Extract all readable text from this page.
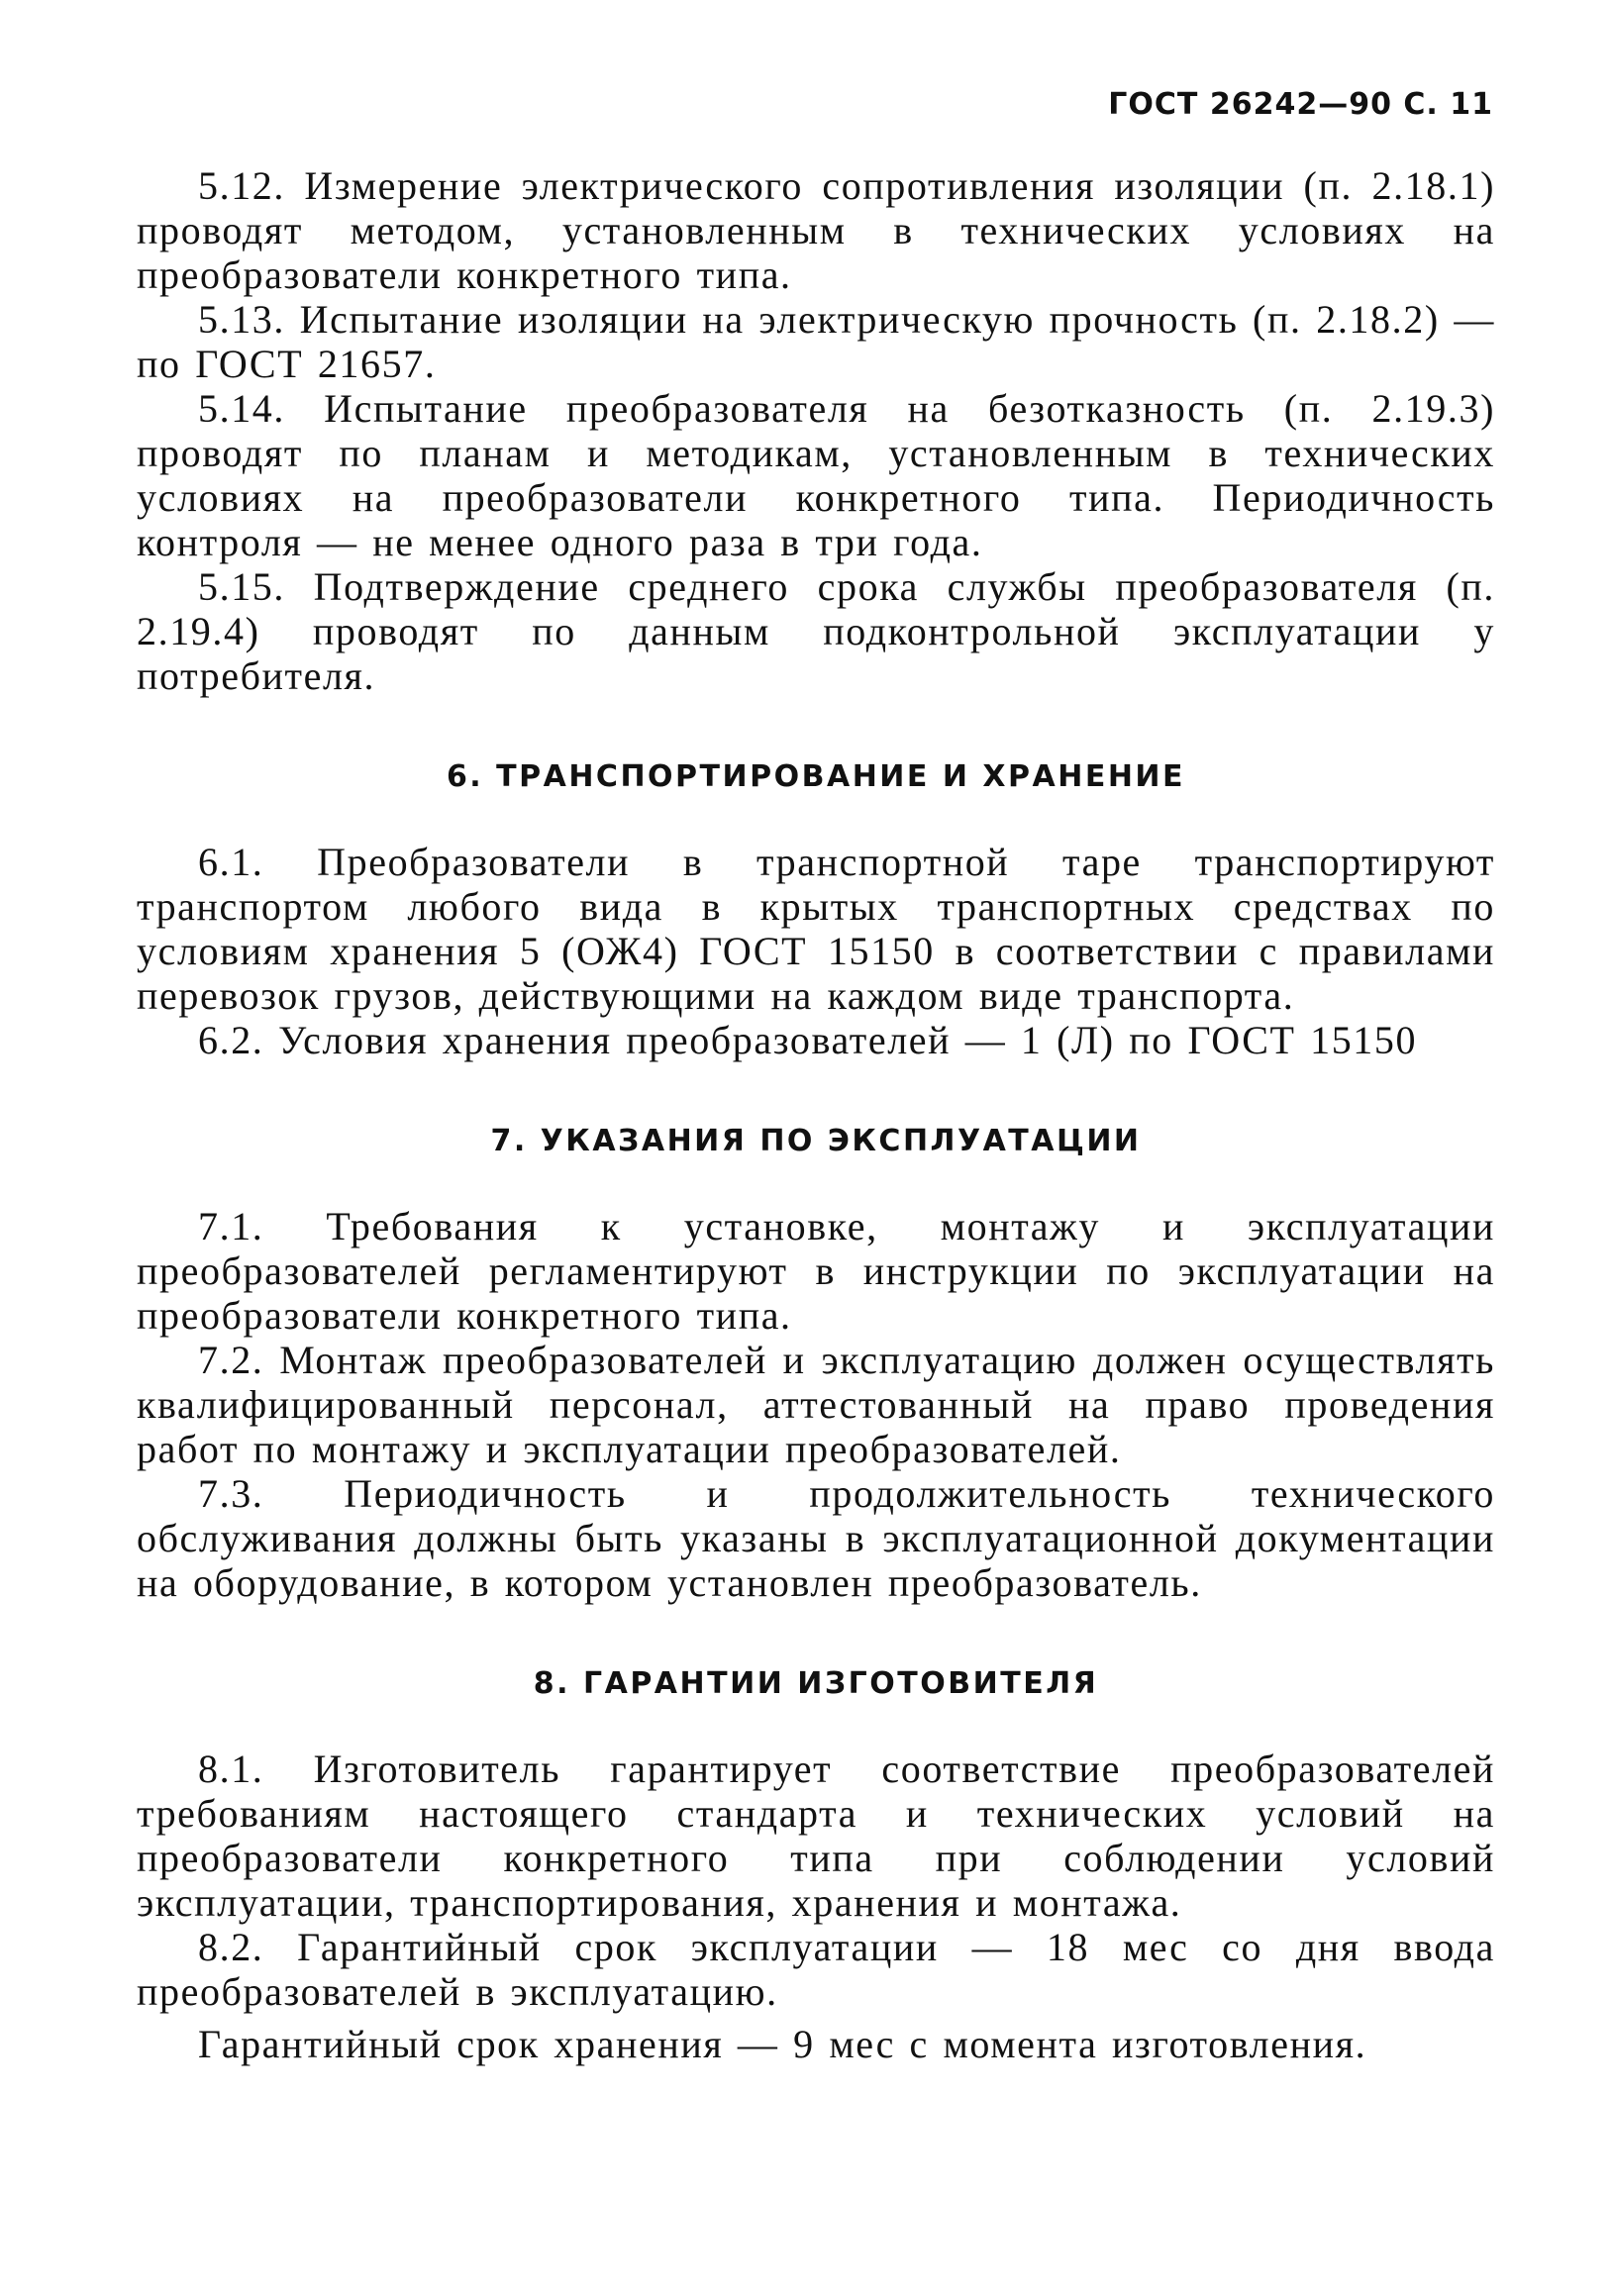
ГОСТ 26242—90 С. 11

5.12. Измерение электрического сопротивления изоляции (п. 2.18.1) проводят методом, установленным в технических условиях на преобразователи конкретного типа.

5.13. Испытание изоляции на электрическую прочность (п. 2.18.2) — по ГОСТ 21657.

5.14. Испытание преобразователя на безотказность (п. 2.19.3) проводят по планам и методикам, установленным в технических условиях на преобразователи конкретного типа. Периодичность контроля — не менее одного раза в три года.

5.15. Подтверждение среднего срока службы преобразователя (п. 2.19.4) проводят по данным подконтрольной эксплуатации у потребителя.

6. ТРАНСПОРТИРОВАНИЕ И ХРАНЕНИЕ

6.1. Преобразователи в транспортной таре транспортируют транспортом любого вида в крытых транспортных средствах по условиям хранения 5 (ОЖ4) ГОСТ 15150 в соответствии с правилами перевозок грузов, действующими на каждом виде транспорта.

6.2. Условия хранения преобразователей — 1 (Л) по ГОСТ 15150

7. УКАЗАНИЯ ПО ЭКСПЛУАТАЦИИ

7.1. Требования к установке, монтажу и эксплуатации преобразователей регламентируют в инструкции по эксплуатации на преобразователи конкретного типа.

7.2. Монтаж преобразователей и эксплуатацию должен осуществлять квалифицированный персонал, аттестованный на право проведения работ по монтажу и эксплуатации преобразователей.

7.3. Периодичность и продолжительность технического обслуживания должны быть указаны в эксплуатационной документации на оборудование, в котором установлен преобразователь.

8. ГАРАНТИИ ИЗГОТОВИТЕЛЯ

8.1. Изготовитель гарантирует соответствие преобразователей требованиям настоящего стандарта и технических условий на преобразователи конкретного типа при соблюдении условий эксплуатации, транспортирования, хранения и монтажа.

8.2. Гарантийный срок эксплуатации — 18 мес со дня ввода преобразователей в эксплуатацию.

Гарантийный срок хранения — 9 мес с момента изготовления.
